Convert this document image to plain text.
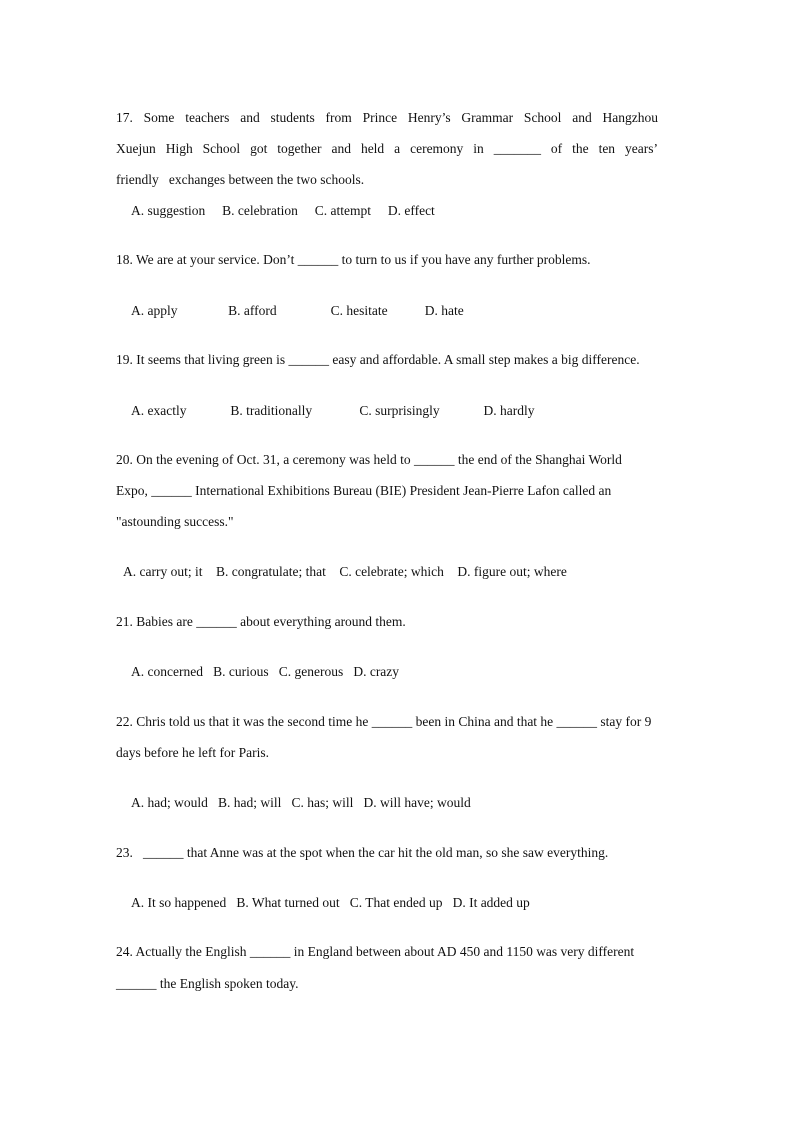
17. Some teachers and students from Prince Henry’s Grammar School and Hangzhou
Xuejun High School got together and held a ceremony in _______ of the ten years’
friendly   exchanges between the two schools.
A. suggestion     B. celebration     C. attempt     D. effect
18. We are at your service. Don’t ______ to turn to us if you have any further problems.
A. apply               B. afford                C. hesitate           D. hate
19. It seems that living green is ______ easy and affordable. A small step makes a big difference.
A. exactly             B. traditionally              C. surprisingly             D. hardly
20. On the evening of Oct. 31, a ceremony was held to ______ the end of the Shanghai World
Expo, ______ International Exhibitions Bureau (BIE) President Jean-Pierre Lafon called an
"astounding success."
A. carry out; it    B. congratulate; that    C. celebrate; which    D. figure out; where
21. Babies are ______ about everything around them.
A. concerned   B. curious   C. generous   D. crazy
22. Chris told us that it was the second time he ______ been in China and that he ______ stay for 9
days before he left for Paris.
A. had; would   B. had; will   C. has; will   D. will have; would
23.   ______ that Anne was at the spot when the car hit the old man, so she saw everything.
A. It so happened   B. What turned out   C. That ended up   D. It added up
24. Actually the English ______ in England between about AD 450 and 1150 was very different
______ the English spoken today.
